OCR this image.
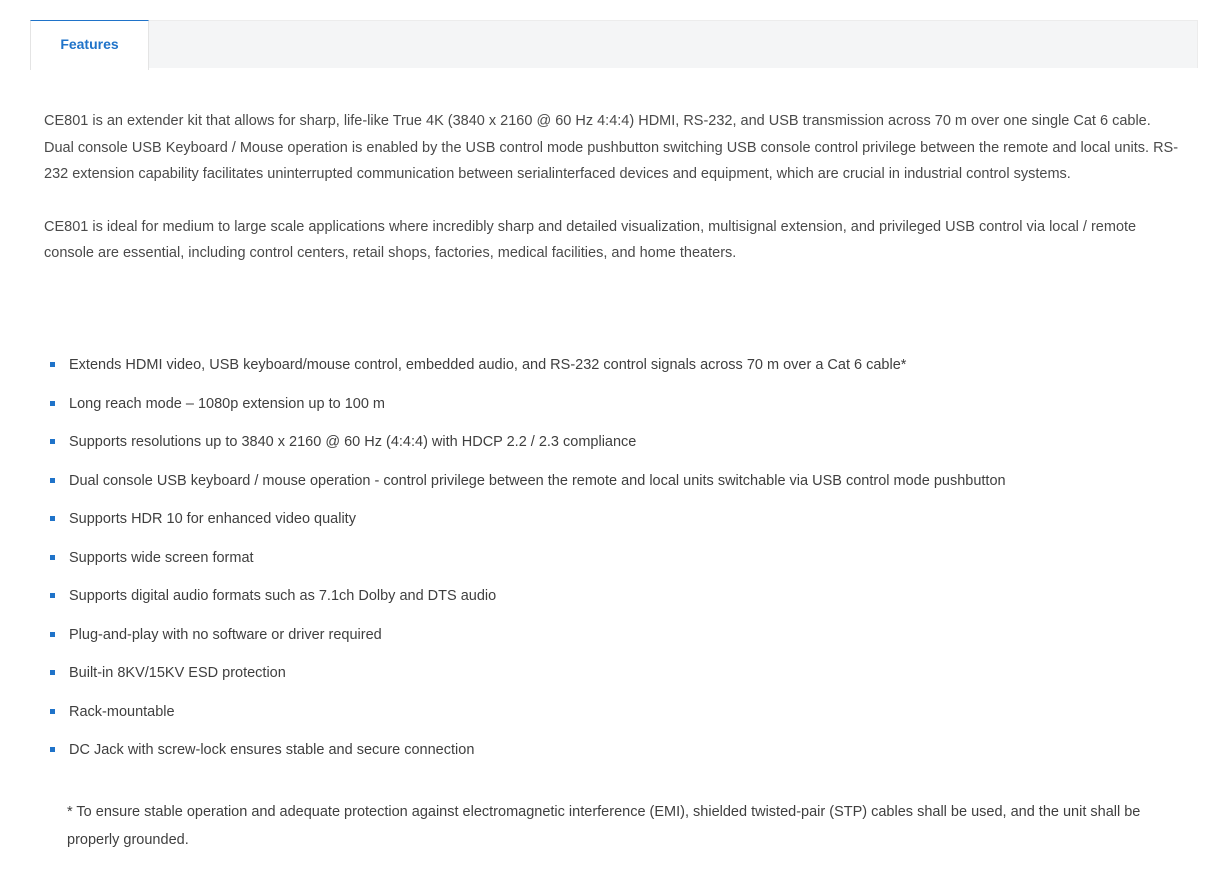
Features

CE801 is an extender kit that allows for sharp, life-like True 4K (3840 x 2160 @ 60 Hz 4:4:4) HDMI, RS-232, and USB transmission across 70 m over one single Cat 6 cable. Dual console USB Keyboard / Mouse operation is enabled by the USB control mode pushbutton switching USB console control privilege between the remote and local units. RS-232 extension capability facilitates uninterrupted communication between serialinterfaced devices and equipment, which are crucial in industrial control systems.

CE801 is ideal for medium to large scale applications where incredibly sharp and detailed visualization, multisignal extension, and privileged USB control via local / remote console are essential, including control centers, retail shops, factories, medical facilities, and home theaters.

Extends HDMI video, USB keyboard/mouse control, embedded audio, and RS-232 control signals across 70 m over a Cat 6 cable*
Long reach mode – 1080p extension up to 100 m
Supports resolutions up to 3840 x 2160 @ 60 Hz (4:4:4) with HDCP 2.2 / 2.3 compliance
Dual console USB keyboard / mouse operation - control privilege between the remote and local units switchable via USB control mode pushbutton
Supports HDR 10 for enhanced video quality
Supports wide screen format
Supports digital audio formats such as 7.1ch Dolby and DTS audio
Plug-and-play with no software or driver required
Built-in 8KV/15KV ESD protection
Rack-mountable
DC Jack with screw-lock ensures stable and secure connection

* To ensure stable operation and adequate protection against electromagnetic interference (EMI), shielded twisted-pair (STP) cables shall be used, and the unit shall be properly grounded.
